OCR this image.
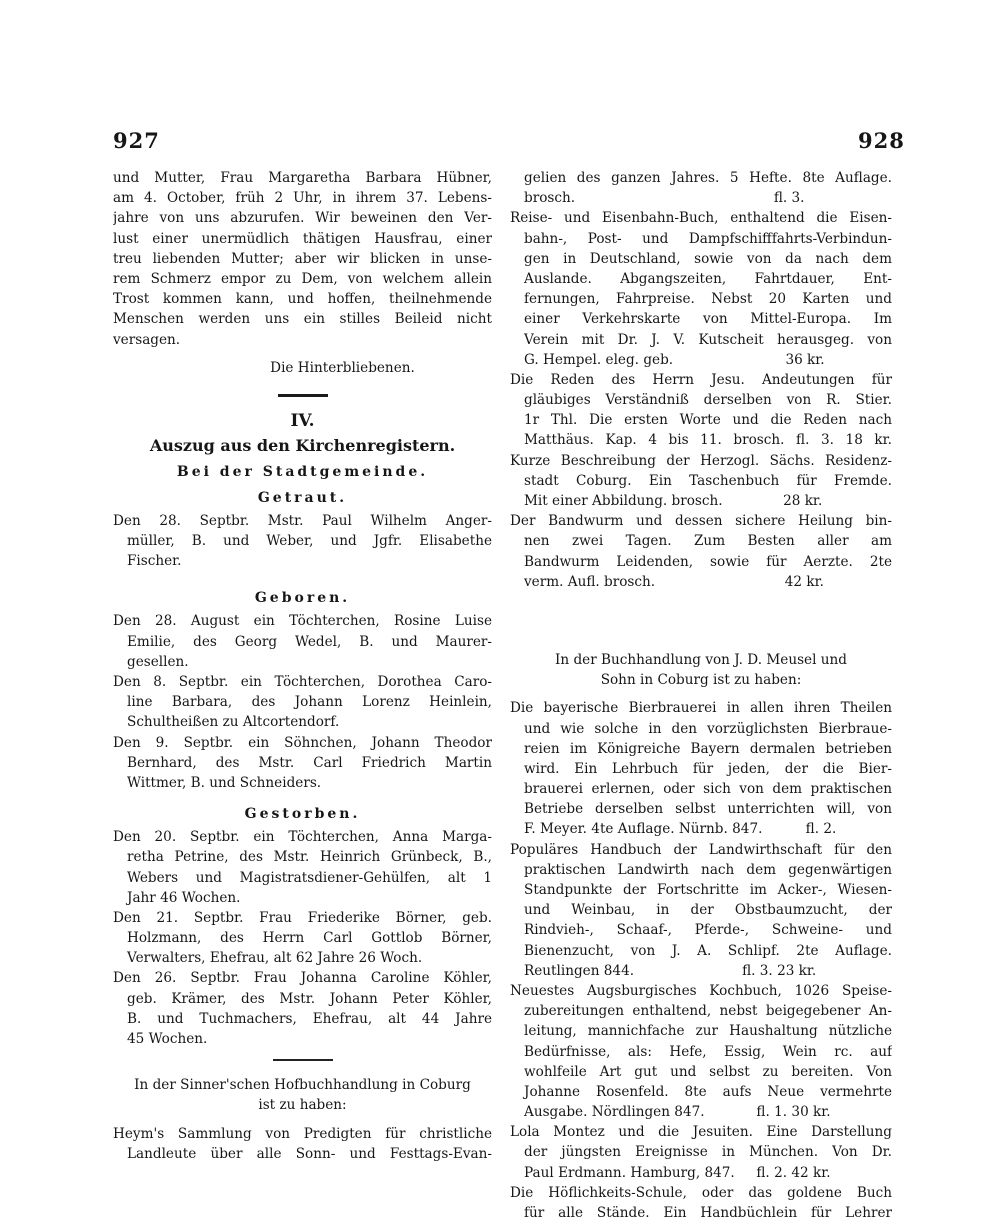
927	928
und Mutter, Frau Margaretha Barbara Hübner,
am 4. October, früh 2 Uhr, in ihrem 37. Lebens-
jahre von uns abzurufen. Wir beweinen den Ver-
lust einer unermüdlich thätigen Hausfrau, einer
treu liebenden Mutter; aber wir blicken in unse-
rem Schmerz empor zu Dem, von welchem allein
Trost kommen kann, und hoffen, theilnehmende
Menschen werden uns ein stilles Beileid nicht
versagen.
Die Hinterbliebenen.
IV.
Auszug aus den Kirchenregistern.
Bei der Stadtgemeinde.
Getraut.
Den 28. Septbr. Mstr. Paul Wilhelm Anger-
müller, B. und Weber, und Jgfr. Elisabethe
Fischer.
Geboren.
Den 28. August ein Töchterchen, Rosine Luise
Emilie, des Georg Wedel, B. und Maurer-
gesellen.
Den 8. Septbr. ein Töchterchen, Dorothea Caro-
line Barbara, des Johann Lorenz Heinlein,
Schultheißen zu Altcortendorf.
Den 9. Septbr. ein Söhnchen, Johann Theodor
Bernhard, des Mstr. Carl Friedrich Martin
Wittmer, B. und Schneiders.
Gestorben.
Den 20. Septbr. ein Töchterchen, Anna Marga-
retha Petrine, des Mstr. Heinrich Grünbeck, B.,
Webers und Magistratsdiener-Gehülfen, alt 1
Jahr 46 Wochen.
Den 21. Septbr. Frau Friederike Börner, geb.
Holzmann, des Herrn Carl Gottlob Börner,
Verwalters, Ehefrau, alt 62 Jahre 26 Woch.
Den 26. Septbr. Frau Johanna Caroline Köhler,
geb. Krämer, des Mstr. Johann Peter Köhler,
B. und Tuchmachers, Ehefrau, alt 44 Jahre
45 Wochen.
In der Sinner'schen Hofbuchhandlung in Coburg
ist zu haben:
Heym's Sammlung von Predigten für christliche
Landleute über alle Sonn- und Festtags-Evan-
gelien des ganzen Jahres. 5 Hefte. 8te Auflage.
brosch.                                              fl. 3.
Reise- und Eisenbahn-Buch, enthaltend die Eisen-
bahn-, Post- und Dampfschifffahrts-Verbindun-
gen in Deutschland, sowie von da nach dem
Auslande. Abgangszeiten, Fahrtdauer, Ent-
fernungen, Fahrpreise. Nebst 20 Karten und
einer Verkehrskarte von Mittel-Europa. Im
Verein mit Dr. J. V. Kutscheit herausgeg. von
G. Hempel. eleg. geb.                          36 kr.
Die Reden des Herrn Jesu. Andeutungen für
gläubiges Verständniß derselben von R. Stier.
1r Thl. Die ersten Worte und die Reden nach
Matthäus. Kap. 4 bis 11. brosch. fl. 3. 18 kr.
Kurze Beschreibung der Herzogl. Sächs. Residenz-
stadt Coburg. Ein Taschenbuch für Fremde.
Mit einer Abbildung. brosch.              28 kr.
Der Bandwurm und dessen sichere Heilung bin-
nen zwei Tagen. Zum Besten aller am
Bandwurm Leidenden, sowie für Aerzte. 2te
verm. Aufl. brosch.                              42 kr.
In der Buchhandlung von J. D. Meusel und
Sohn in Coburg ist zu haben:
Die bayerische Bierbrauerei in allen ihren Theilen
und wie solche in den vorzüglichsten Bierbraue-
reien im Königreiche Bayern dermalen betrieben
wird. Ein Lehrbuch für jeden, der die Bier-
brauerei erlernen, oder sich von dem praktischen
Betriebe derselben selbst unterrichten will, von
F. Meyer. 4te Auflage. Nürnb. 847.          fl. 2.
Populäres Handbuch der Landwirthschaft für den
praktischen Landwirth nach dem gegenwärtigen
Standpunkte der Fortschritte im Acker-, Wiesen-
und Weinbau, in der Obstbaumzucht, der
Rindvieh-, Schaaf-, Pferde-, Schweine- und
Bienenzucht, von J. A. Schlipf. 2te Auflage.
Reutlingen 844.                         fl. 3. 23 kr.
Neuestes Augsburgisches Kochbuch, 1026 Speise-
zubereitungen enthaltend, nebst beigegebener An-
leitung, mannichfache zur Haushaltung nützliche
Bedürfnisse, als: Hefe, Essig, Wein rc. auf
wohlfeile Art gut und selbst zu bereiten. Von
Johanne Rosenfeld. 8te aufs Neue vermehrte
Ausgabe. Nördlingen 847.            fl. 1. 30 kr.
Lola Montez und die Jesuiten. Eine Darstellung
der jüngsten Ereignisse in München. Von Dr.
Paul Erdmann. Hamburg, 847.     fl. 2. 42 kr.
Die Höflichkeits-Schule, oder das goldene Buch
für alle Stände. Ein Handbüchlein für Lehrer
